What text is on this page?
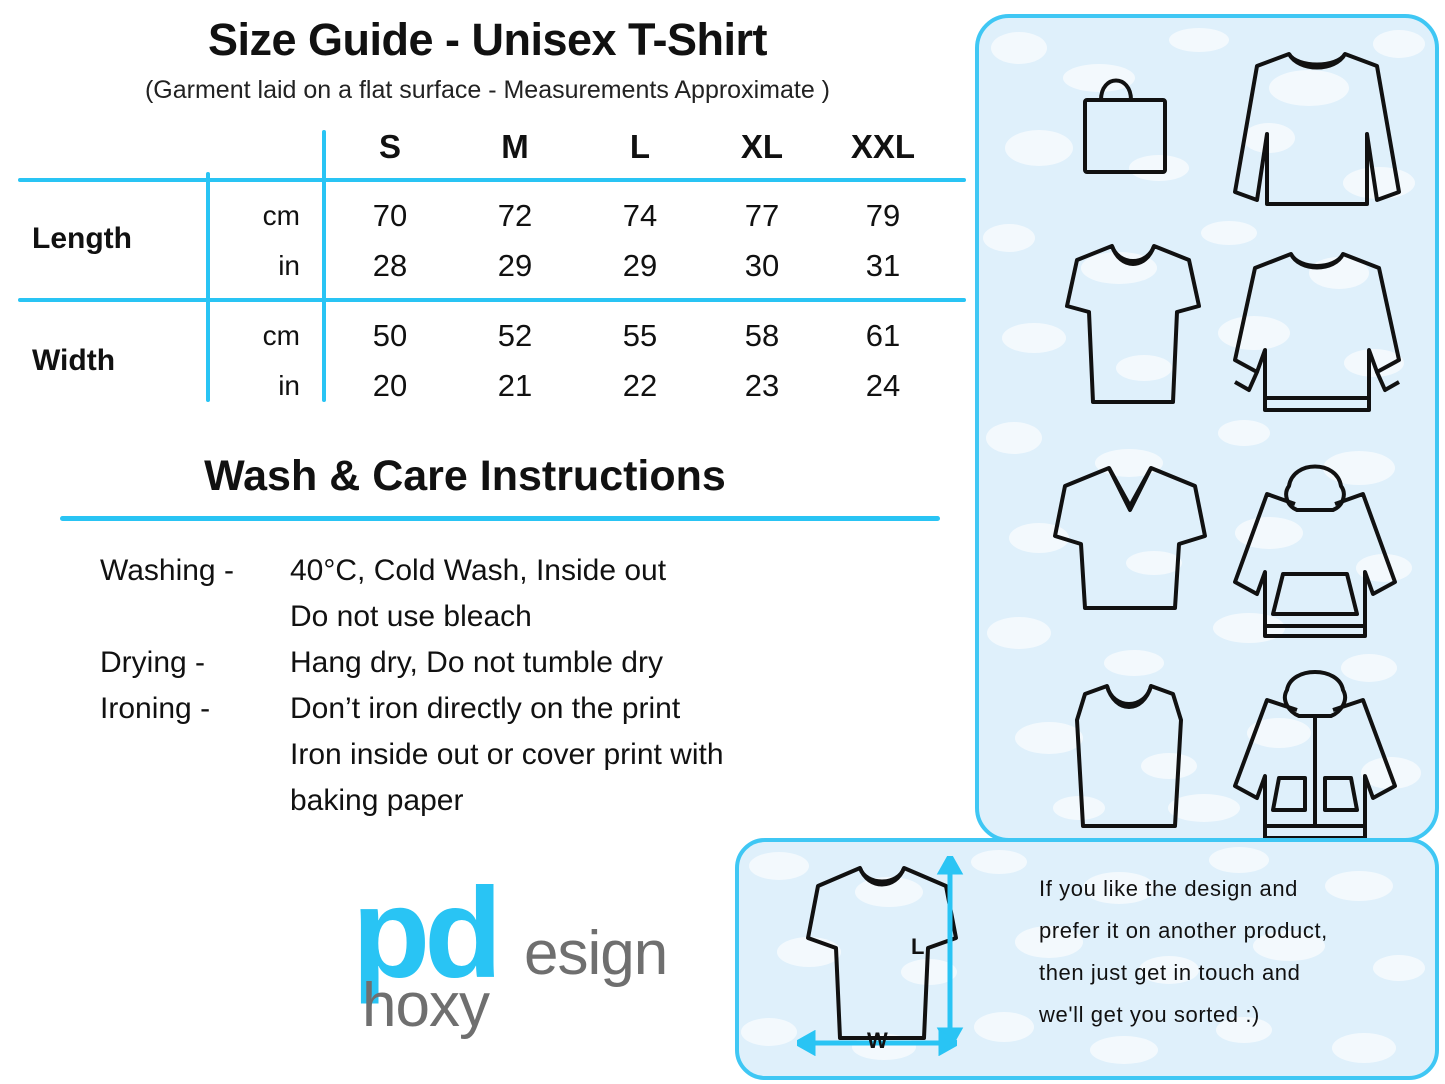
Size Guide - Unisex T-Shirt
(Garment laid on a flat surface - Measurements Approximate )
S	M	L	XL	XXL
Length
cm	70	72	74	77	79
in	28	29	29	30	31
Width
cm	50	52	55	58	61
in	20	21	22	23	24
Wash & Care Instructions
Washing -	40°C, Cold Wash, Inside out
Do not use bleach
Drying -	Hang dry, Do not tumble dry
Ironing -	Don’t iron directly on the print
Iron inside out or cover print with
baking paper
pd esign
hoxy
L
W
If you like the design and
prefer it on another product,
then just get in touch and
we'll get you sorted :)
